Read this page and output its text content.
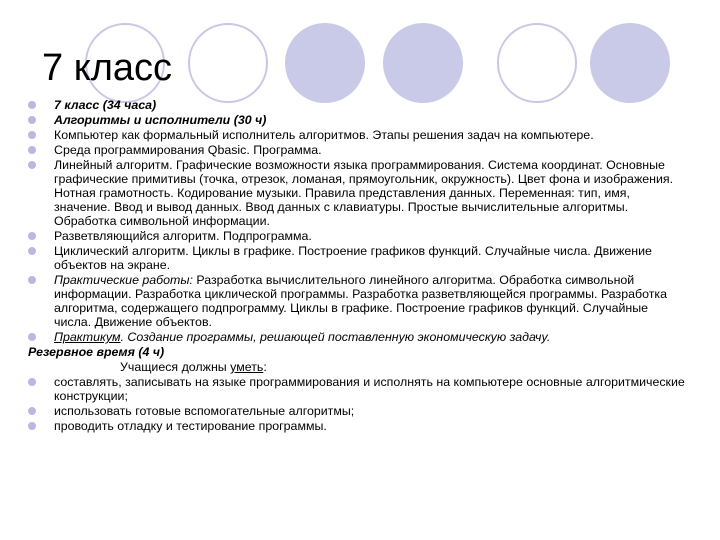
7 класс
7 класс (34 часа)
Алгоритмы и исполнители (30 ч)
Компьютер как формальный исполнитель алгоритмов. Этапы решения задач на компьютере.
Среда программирования Qbasic. Программа.
Линейный алгоритм. Графические возможности языка программирования. Система координат. Основные графические примитивы (точка, отрезок, ломаная, прямоугольник, окружность). Цвет фона и изображения. Нотная грамотность. Кодирование музыки. Правила представления данных. Переменная: тип, имя, значение. Ввод и вывод данных. Ввод данных с клавиатуры. Простые вычислительные алгоритмы. Обработка символьной информации.
Разветвляющийся алгоритм. Подпрограмма.
Циклический алгоритм. Циклы в графике. Построение графиков функций. Случайные числа. Движение объектов на экране.
Практические работы: Разработка вычислительного линейного алгоритма. Обработка символьной информации. Разработка циклической программы. Разработка разветвляющейся программы. Разработка алгоритма, содержащего подпрограмму. Циклы в графике. Построение графиков функций. Случайные числа. Движение объектов.
Практикум. Создание программы, решающей поставленную экономическую задачу.
Резервное время (4 ч)
Учащиеся должны уметь:
составлять, записывать на языке программирования и исполнять на компьютере основные алгоритмические конструкции;
использовать готовые вспомогательные алгоритмы;
проводить отладку и тестирование программы.
